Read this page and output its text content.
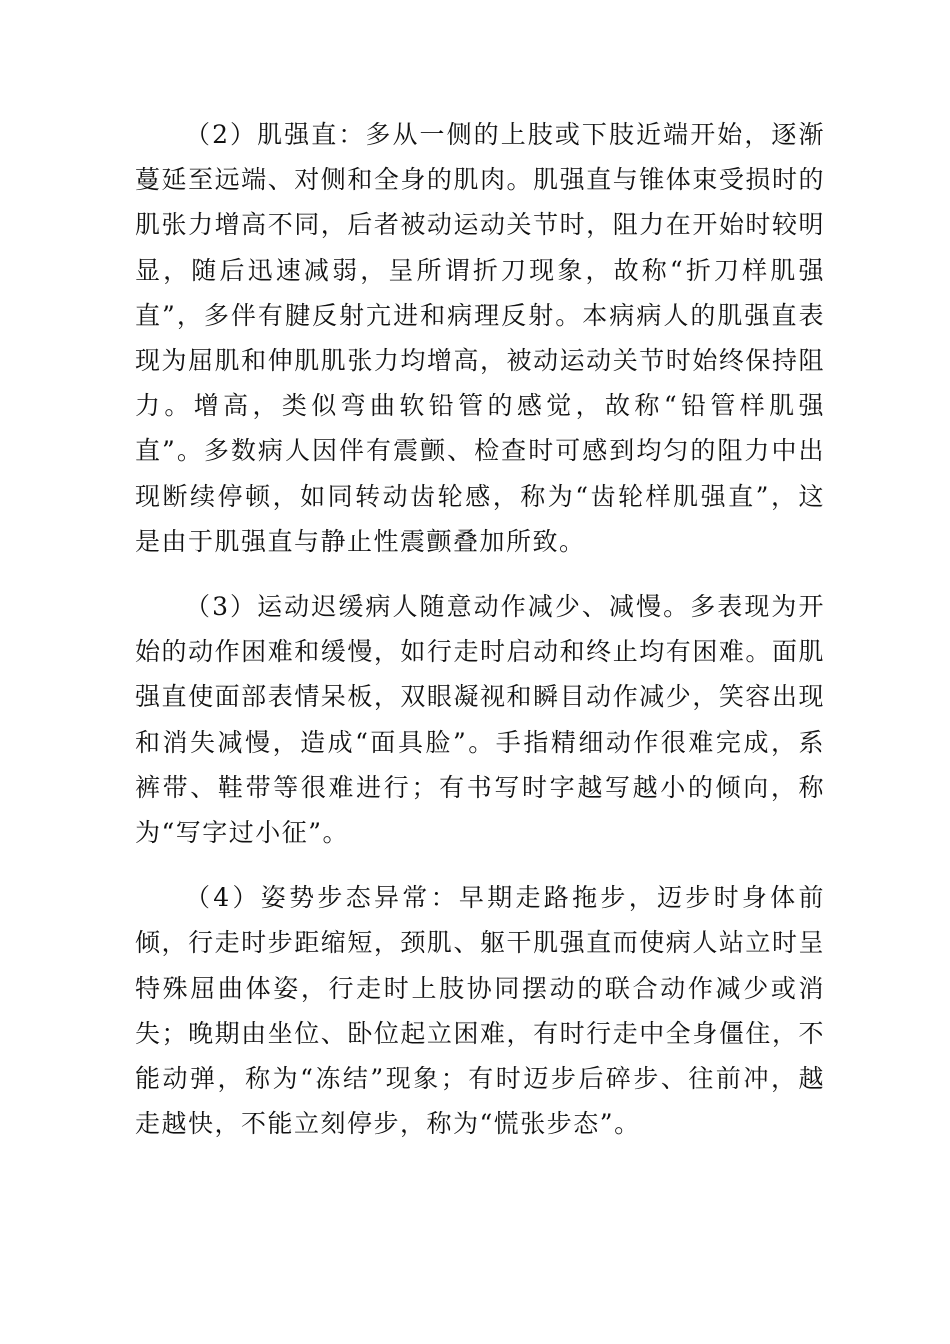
（2）肌强直：多从一侧的上肢或下肢近端开始，逐渐蔓延至远端、对侧和全身的肌肉。肌强直与锥体束受损时的肌张力增高不同，后者被动运动关节时，阻力在开始时较明显，随后迅速减弱，呈所谓折刀现象，故称“折刀样肌强直”，多伴有腱反射亢进和病理反射。本病病人的肌强直表现为屈肌和伸肌肌张力均增高，被动运动关节时始终保持阻力。增高，类似弯曲软铅管的感觉，故称“铅管样肌强直”。多数病人因伴有震颤、检查时可感到均匀的阻力中出现断续停顿，如同转动齿轮感，称为“齿轮样肌强直”，这是由于肌强直与静止性震颤叠加所致。

（3）运动迟缓病人随意动作减少、减慢。多表现为开始的动作困难和缓慢，如行走时启动和终止均有困难。面肌强直使面部表情呆板，双眼凝视和瞬目动作减少，笑容出现和消失减慢，造成“面具脸”。手指精细动作很难完成，系裤带、鞋带等很难进行；有书写时字越写越小的倾向，称为“写字过小征”。

（4）姿势步态异常：早期走路拖步，迈步时身体前倾，行走时步距缩短，颈肌、躯干肌强直而使病人站立时呈特殊屈曲体姿，行走时上肢协同摆动的联合动作减少或消失；晚期由坐位、卧位起立困难，有时行走中全身僵住，不能动弹，称为“冻结”现象；有时迈步后碎步、往前冲，越走越快，不能立刻停步，称为“慌张步态”。
